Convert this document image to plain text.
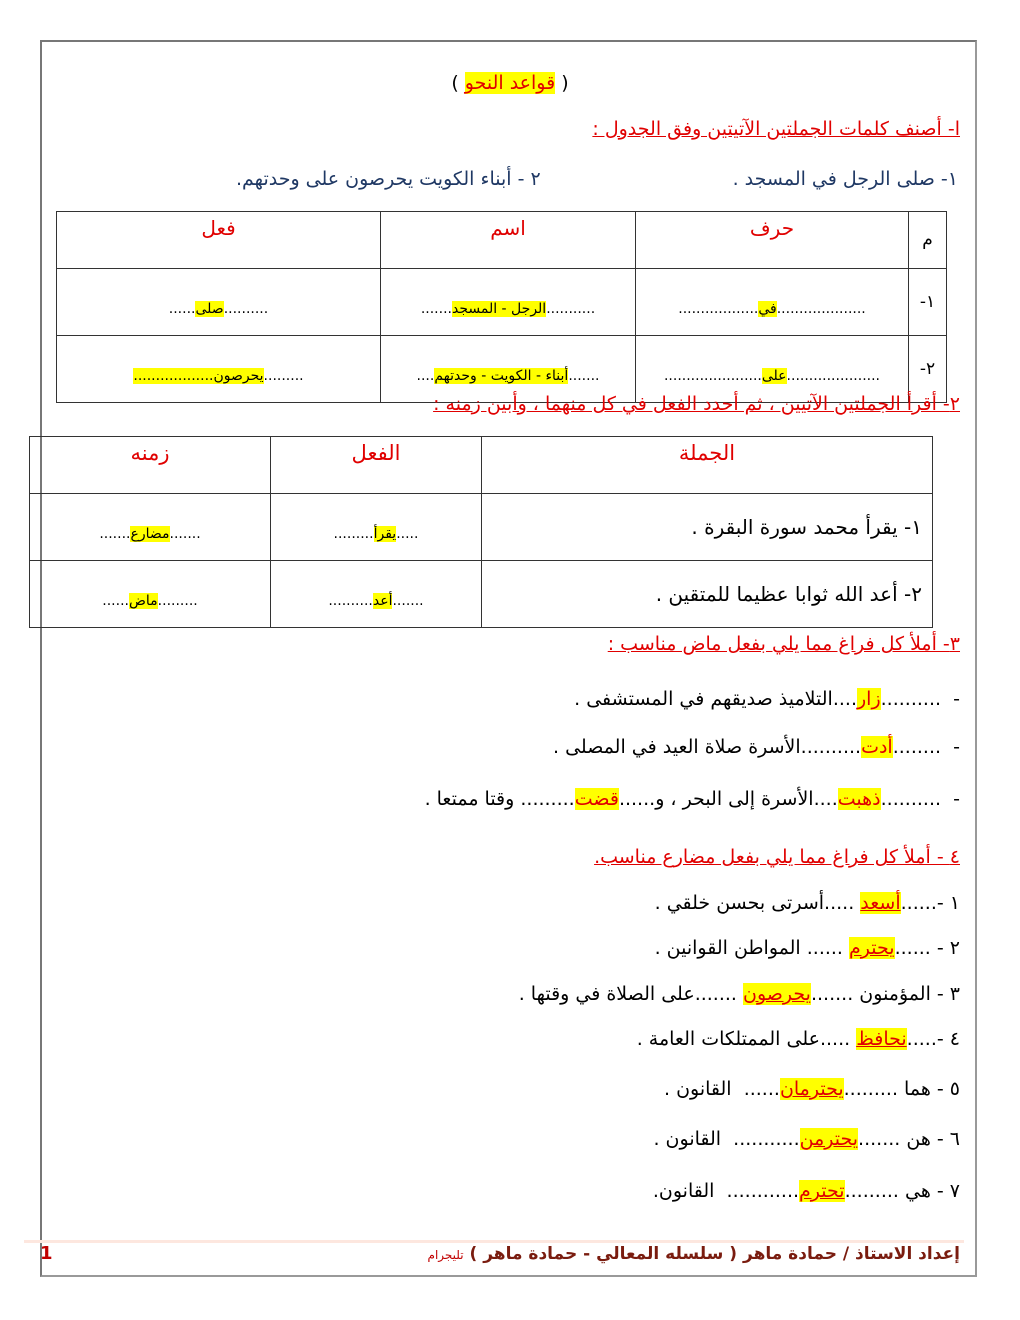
( قواعد النحو )
ا- أصنف كلمات الجملتين الآتيتين وفق الجدول :
١- صلى الرجل في المسجد .
٢ - أبناء الكويت يحرصون على وحدتهم.
فعل	اسم	حرف	م
..........صلى......	...........الرجل - المسجد.......	....................في..................	١-
.........يحرصون..................	.......أبناء - الكويت - وحدتهم....	.....................على......................	٢-
٢- أقرأ الجملتين الآتيين ، ثم أحدد الفعل في كل منهما ، وأبين زمنه :
زمنه	الفعل	الجملة
.......مضارع.......	.....يقرأ.........	١- يقرأ محمد سورة البقرة .
.........ماض......	.......أعد..........	٢- أعد الله ثوابا عظيما للمتقين .
٣- أملأ كل فراغ مما يلي بفعل ماض مناسب :
-  ..........زار....التلاميذ صديقهم في المستشفى .
-  ........أدت..........الأسرة صلاة العيد في المصلى .
-  ..........ذهبت....الأسرة إلى البحر ، و......قضت......... وقتا ممتعا .
٤ - أملأ كل فراغ مما يلي بفعل مضارع مناسب.
١ -......أسعد .....أسرتى بحسن خلقي .
٢ - ......يحترم ...... المواطن القوانين .
٣ - المؤمنون .......يحرصون .......على الصلاة في وقتها .
٤ -.....نحافظ .....على الممتلكات العامة .
٥ - هما .........يحترمان......  القانون .
٦ - هن .......يحترمن...........  القانون .
٧ - هي .........تحترم............  القانون.
إعداد الاستاذ / حمادة ماهر ( سلسله المعالي - حمادة ماهر ) تليجرام
1
